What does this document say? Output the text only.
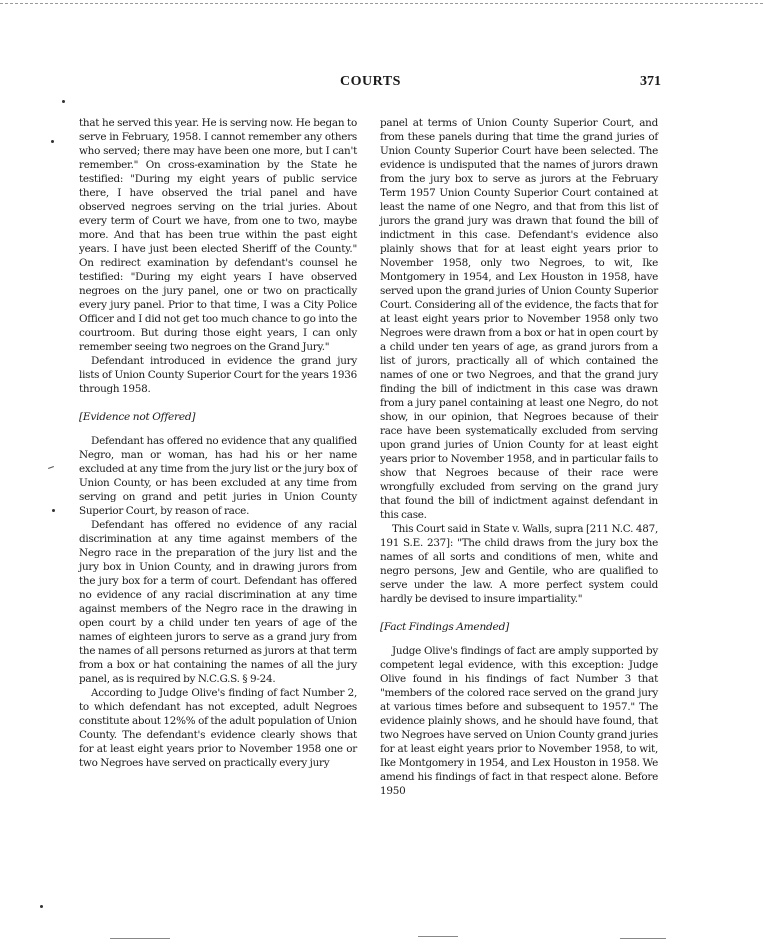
COURTS	371

that he served this year. He is serving now. He began to serve in February, 1958. I cannot remember any others who served; there may have been one more, but I can't remember." On cross-examination by the State he testified: "During my eight years of public service there, I have observed the trial panel and have observed negroes serving on the trial juries. About every term of Court we have, from one to two, maybe more. And that has been true within the past eight years. I have just been elected Sheriff of the County." On redirect examination by defendant's counsel he testified: "During my eight years I have observed negroes on the jury panel, one or two on practically every jury panel. Prior to that time, I was a City Police Officer and I did not get too much chance to go into the courtroom. But during those eight years, I can only remember seeing two negroes on the Grand Jury."

Defendant introduced in evidence the grand jury lists of Union County Superior Court for the years 1936 through 1958.

[Evidence not Offered]

Defendant has offered no evidence that any qualified Negro, man or woman, has had his or her name excluded at any time from the jury list or the jury box of Union County, or has been excluded at any time from serving on grand and petit juries in Union County Superior Court, by reason of race.

Defendant has offered no evidence of any racial discrimination at any time against members of the Negro race in the preparation of the jury list and the jury box in Union County, and in drawing jurors from the jury box for a term of court. Defendant has offered no evidence of any racial discrimination at any time against members of the Negro race in the drawing in open court by a child under ten years of age of the names of eighteen jurors to serve as a grand jury from the names of all persons returned as jurors at that term from a box or hat containing the names of all the jury panel, as is required by N.C.G.S. § 9-24.

According to Judge Olive's finding of fact Number 2, to which defendant has not excepted, adult Negroes constitute about 12%% of the adult population of Union County. The defendant's evidence clearly shows that for at least eight years prior to November 1958 one or two Negroes have served on practically every jury

panel at terms of Union County Superior Court, and from these panels during that time the grand juries of Union County Superior Court have been selected. The evidence is undisputed that the names of jurors drawn from the jury box to serve as jurors at the February Term 1957 Union County Superior Court contained at least the name of one Negro, and that from this list of jurors the grand jury was drawn that found the bill of indictment in this case. Defendant's evidence also plainly shows that for at least eight years prior to November 1958, only two Negroes, to wit, Ike Montgomery in 1954, and Lex Houston in 1958, have served upon the grand juries of Union County Superior Court. Considering all of the evidence, the facts that for at least eight years prior to November 1958 only two Negroes were drawn from a box or hat in open court by a child under ten years of age, as grand jurors from a list of jurors, practically all of which contained the names of one or two Negroes, and that the grand jury finding the bill of indictment in this case was drawn from a jury panel containing at least one Negro, do not show, in our opinion, that Negroes because of their race have been systematically excluded from serving upon grand juries of Union County for at least eight years prior to November 1958, and in particular fails to show that Negroes because of their race were wrongfully excluded from serving on the grand jury that found the bill of indictment against defendant in this case.

This Court said in State v. Walls, supra [211 N.C. 487, 191 S.E. 237]: "The child draws from the jury box the names of all sorts and conditions of men, white and negro persons, Jew and Gentile, who are qualified to serve under the law. A more perfect system could hardly be devised to insure impartiality."

[Fact Findings Amended]

Judge Olive's findings of fact are amply supported by competent legal evidence, with this exception: Judge Olive found in his findings of fact Number 3 that "members of the colored race served on the grand jury at various times before and subsequent to 1957." The evidence plainly shows, and he should have found, that two Negroes have served on Union County grand juries for at least eight years prior to November 1958, to wit, Ike Montgomery in 1954, and Lex Houston in 1958. We amend his findings of fact in that respect alone. Before 1950
